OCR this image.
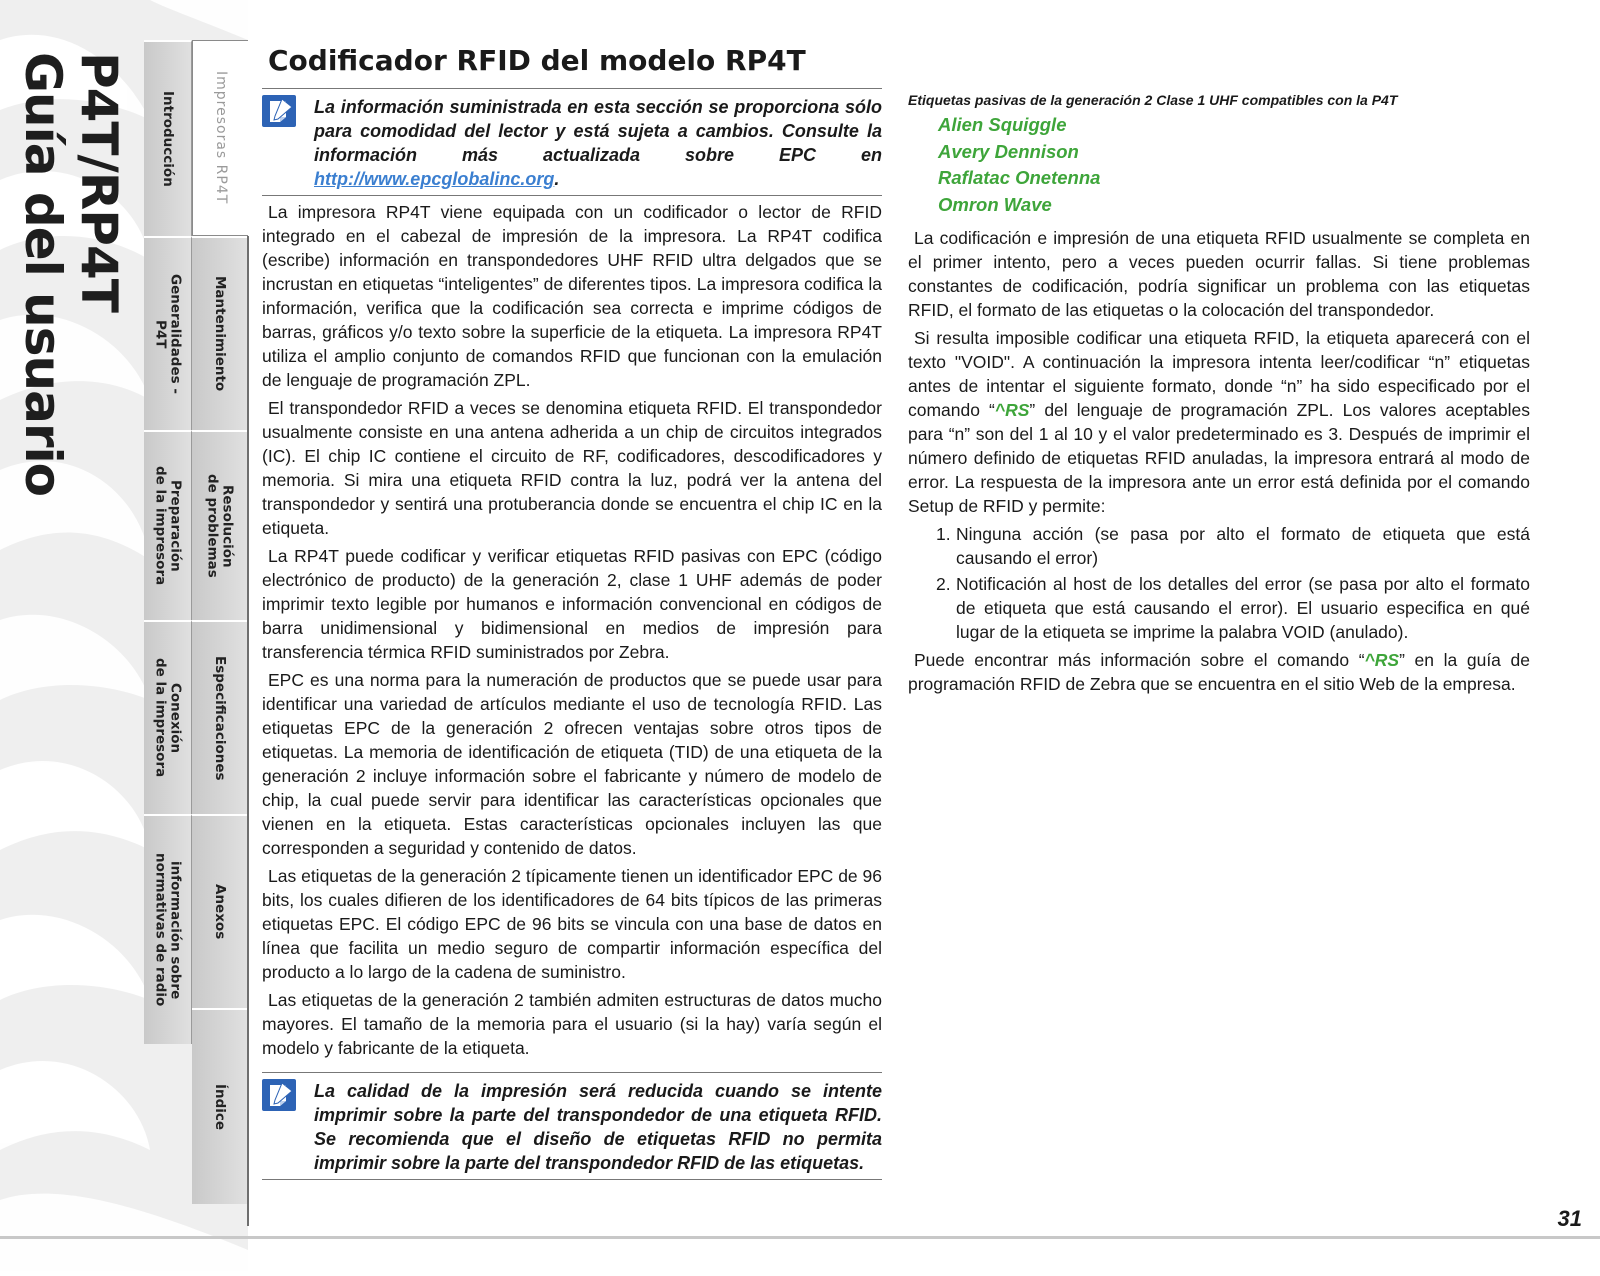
P4T/RP4T
Guía del usuario	Impresoras RP4T
Mantenimiento
Resolución
de problemas
Especificaciones
Anexos
Índice
Introducción
Generalidades -
P4T
Preparación
de la impresora
Conexión
de la impresora
información sobre
normativas de radio
Codificador RFID del modelo RP4T
La información suministrada en esta sección se proporciona sólo para comodidad del lector y está sujeta a cambios. Consulte la información más actualizada sobre EPC en http://www.epcglobalinc.org.

La impresora RP4T viene equipada con un codificador o lector de RFID integrado en el cabezal de impresión de la impresora. La RP4T codifica (escribe) información en transpondedores UHF RFID ultra delgados que se incrustan en etiquetas “inteligentes” de diferentes tipos. La impresora codifica la información, verifica que la codificación sea correcta e imprime códigos de barras, gráficos y/o texto sobre la superficie de la etiqueta. La impresora RP4T utiliza el amplio conjunto de comandos RFID que funcionan con la emulación de lenguaje de programación ZPL.

El transpondedor RFID a veces se denomina etiqueta RFID. El transpondedor usualmente consiste en una antena adherida a un chip de circuitos integrados (IC). El chip IC contiene el circuito de RF, codificadores, descodificadores y memoria. Si mira una etiqueta RFID contra la luz, podrá ver la antena del transpondedor y sentirá una protuberancia donde se encuentra el chip IC en la etiqueta.

La RP4T puede codificar y verificar etiquetas RFID pasivas con EPC (código electrónico de producto) de la generación 2, clase 1 UHF además de poder imprimir texto legible por humanos e información convencional en códigos de barra unidimensional y bidimensional en medios de impresión para transferencia térmica RFID suministrados por Zebra.

EPC es una norma para la numeración de productos que se puede usar para identificar una variedad de artículos mediante el uso de tecnología RFID. Las etiquetas EPC de la generación 2 ofrecen ventajas sobre otros tipos de etiquetas. La memoria de identificación de etiqueta (TID) de una etiqueta de la generación 2 incluye información sobre el fabricante y número de modelo de chip, la cual puede servir para identificar las características opcionales que vienen en la etiqueta. Estas características opcionales incluyen las que corresponden a seguridad y contenido de datos.

Las etiquetas de la generación 2 típicamente tienen un identificador EPC de 96 bits, los cuales difieren de los identificadores de 64 bits típicos de las primeras etiquetas EPC. El código EPC de 96 bits se vincula con una base de datos en línea que facilita un medio seguro de compartir información específica del producto a lo largo de la cadena de suministro.

Las etiquetas de la generación 2 también admiten estructuras de datos mucho mayores. El tamaño de la memoria para el usuario (si la hay) varía según el modelo y fabricante de la etiqueta.

La calidad de la impresión será reducida cuando se intente imprimir sobre la parte del transpondedor de una etiqueta RFID. Se recomienda que el diseño de etiquetas RFID no permita imprimir sobre la parte del transpondedor RFID de las etiquetas.

Etiquetas pasivas de la generación 2 Clase 1 UHF compatibles con la P4T

Alien Squiggle
Avery Dennison
Raflatac Onetenna
Omron Wave

La codificación e impresión de una etiqueta RFID usualmente se completa en el primer intento, pero a veces pueden ocurrir fallas. Si tiene problemas constantes de codificación, podría significar un problema con las etiquetas RFID, el formato de las etiquetas o la colocación del transpondedor.

Si resulta imposible codificar una etiqueta RFID, la etiqueta aparecerá con el texto "VOID". A continuación la impresora intenta leer/codificar “n” etiquetas antes de intentar el siguiente formato, donde “n” ha sido especificado por el comando “^RS” del lenguaje de programación ZPL. Los valores aceptables para “n” son del 1 al 10 y el valor predeterminado es 3. Después de imprimir el número definido de etiquetas RFID anuladas, la impresora entrará al modo de error. La respuesta de la impresora ante un error está definida por el comando Setup de RFID y permite:

1. Ninguna acción (se pasa por alto el formato de etiqueta que está causando el error)
2. Notificación al host de los detalles del error (se pasa por alto el formato de etiqueta que está causando el error). El usuario especifica en qué lugar de la etiqueta se imprime la palabra VOID (anulado).

Puede encontrar más información sobre el comando “^RS” en la guía de programación RFID de Zebra que se encuentra en el sitio Web de la empresa.

31
